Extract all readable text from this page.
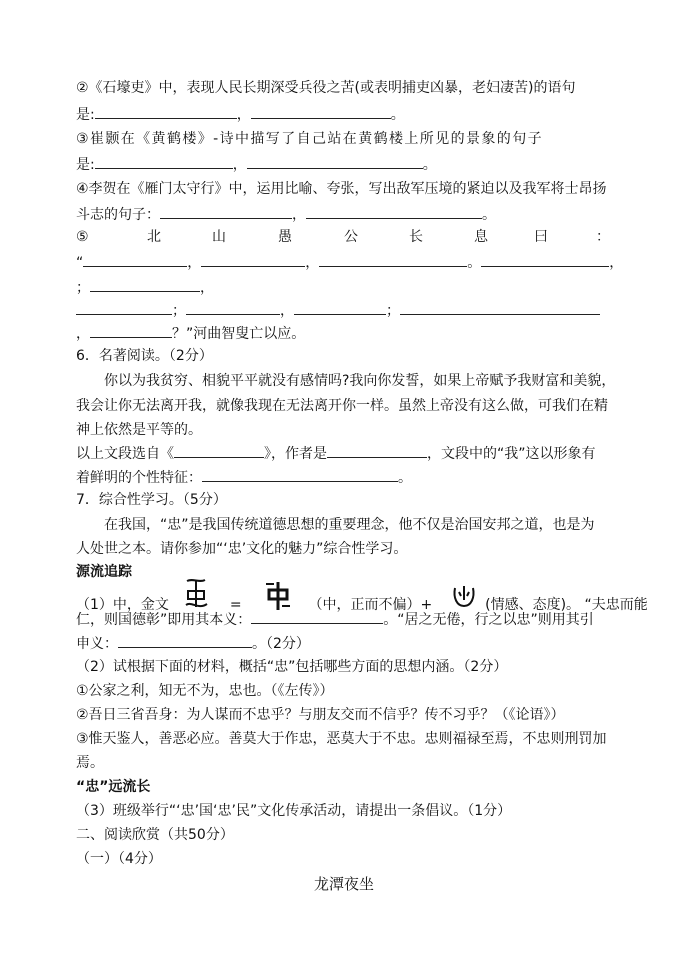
②《石壕吏》中，表现人民长期深受兵役之苦(或表明捕吏凶暴，老妇凄苦)的语句
是:	，	。
③崔颢在《黄鹤楼》-诗中描写了自己站在黄鹤楼上所见的景象的句子
是:	，	。
④李贺在《雁门太守行》中，运用比喻、夸张，写出敌军压境的紧迫以及我军将士昂扬
斗志的句子：	，	。
⑤	北	山	愚	公	长	息	曰	：
“	，	，	。	，
；	，
；	，	；
，	？”河曲智叟亡以应。
6．名著阅读。（2分）
你以为我贫穷、相貌平平就没有感情吗?我向你发誓，如果上帝赋予我财富和美貌，
我会让你无法离开我，就像我现在无法离开你一样。虽然上帝没有这么做，可我们在精
神上依然是平等的。
以上文段选自《	》，作者是	，文段中的“我”这以形象有
着鲜明的个性特征：	。
7．综合性学习。（5分）
在我国，“忠”是我国传统道德思想的重要理念，他不仅是治国安邦之道，也是为
人处世之本。请你参加“‘忠’文化的魅力”综合性学习。
源流追踪
（1）中，金文	=	（中，正而不偏）+	(情感、态度)。 “夫忠而能
仁，则国德彰”即用其本义：	。“居之无倦，行之以忠”则用其引
申义：	。（2分）
（2）试根据下面的材料，概括“忠”包括哪些方面的思想内涵。（2分）
①公家之利，知无不为，忠也。（《左传》）
②吾日三省吾身：为人谋而不忠乎？与朋友交而不信乎？传不习乎？（《论语》）
③惟天鉴人，善恶必应。善莫大于作忠，恶莫大于不忠。忠则福禄至焉，不忠则刑罚加
焉。
“忠”远流长
（3）班级举行“‘忠’国‘忠’民”文化传承活动，请提出一条倡议。（1分）
二、阅读欣赏（共50分）
（一）（4分）
龙潭夜坐
